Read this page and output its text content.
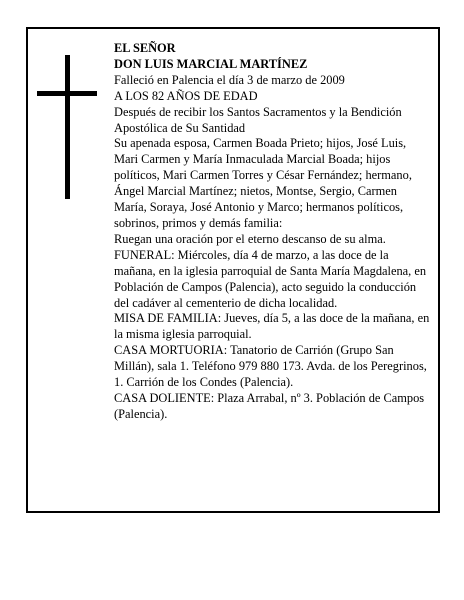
EL SEÑOR

DON LUIS MARCIAL MARTÍNEZ

Falleció en Palencia el día 3 de marzo de 2009

A LOS 82 AÑOS DE EDAD

Después de recibir los Santos Sacramentos y la Bendición Apostólica de Su Santidad

Su apenada esposa, Carmen Boada Prieto; hijos, José Luis, Mari Carmen y María Inmaculada Marcial Boada; hijos políticos, Mari Carmen Torres y César Fernández; hermano, Ángel Marcial Martínez; nietos, Montse, Sergio, Carmen María, Soraya, José Antonio y Marco; hermanos políticos, sobrinos, primos y demás familia:

Ruegan una oración por el eterno descanso de su alma.

FUNERAL: Miércoles, día 4 de marzo, a las doce de la mañana, en la iglesia parroquial de Santa María Magdalena, en Población de Campos (Palencia), acto seguido la conducción del cadáver al cementerio de dicha localidad.

MISA DE FAMILIA: Jueves, día 5, a las doce de la mañana, en la misma iglesia parroquial.

CASA MORTUORIA: Tanatorio de Carrión (Grupo San Millán), sala 1. Teléfono 979 880 173. Avda. de los Peregrinos, 1. Carrión de los Condes (Palencia).

CASA DOLIENTE: Plaza Arrabal, nº 3. Población de Campos (Palencia).
